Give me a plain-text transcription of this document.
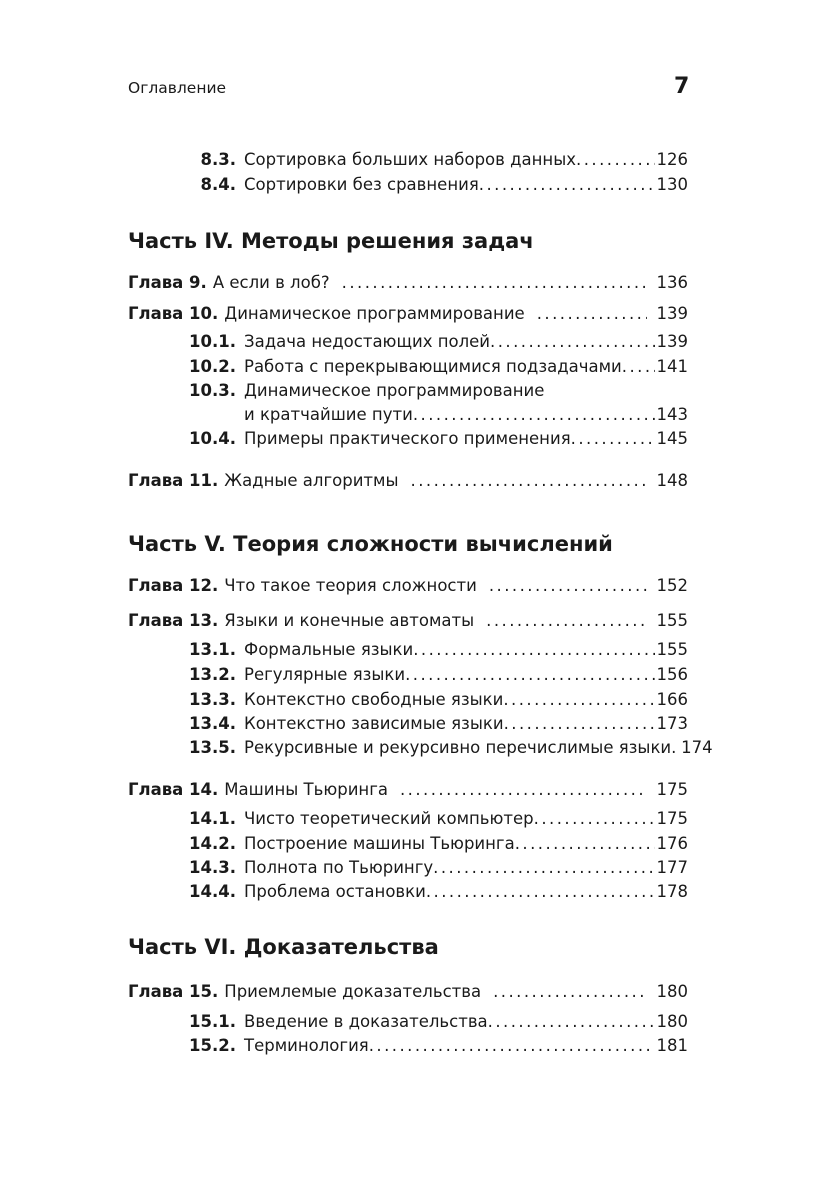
Оглавление	7
8.3. Сортировка больших наборов данных . . .	126
8.4. Сортировки без сравнения . . .	130
Часть IV. Методы решения задач
Глава 9. А если в лоб? . . .	136
Глава 10. Динамическое программирование . . .	139
10.1. Задача недостающих полей . . .	139
10.2. Работа с перекрывающимися подзадачами . . . 141
10.3. Динамическое программирование
и кратчайшие пути . . .	143
10.4. Примеры практического применения . . .	145
Глава 11. Жадные алгоритмы . . .	148
Часть V. Теория сложности вычислений
Глава 12. Что такое теория сложности . . .	152
Глава 13. Языки и конечные автоматы . . .	155
13.1. Формальные языки . . .	155
13.2. Регулярные языки . . .	156
13.3. Контекстно свободные языки . . .	166
13.4. Контекстно зависимые языки . . .	173
13.5. Рекурсивные и рекурсивно перечислимые языки . . . 174
Глава 14. Машины Тьюринга . . .	175
14.1. Чисто теоретический компьютер . . .	175
14.2. Построение машины Тьюринга . . .	176
14.3. Полнота по Тьюрингу . . .	177
14.4. Проблема остановки . . .	178
Часть VI. Доказательства
Глава 15. Приемлемые доказательства . . .	180
15.1. Введение в доказательства . . .	180
15.2. Терминология . . .	181
